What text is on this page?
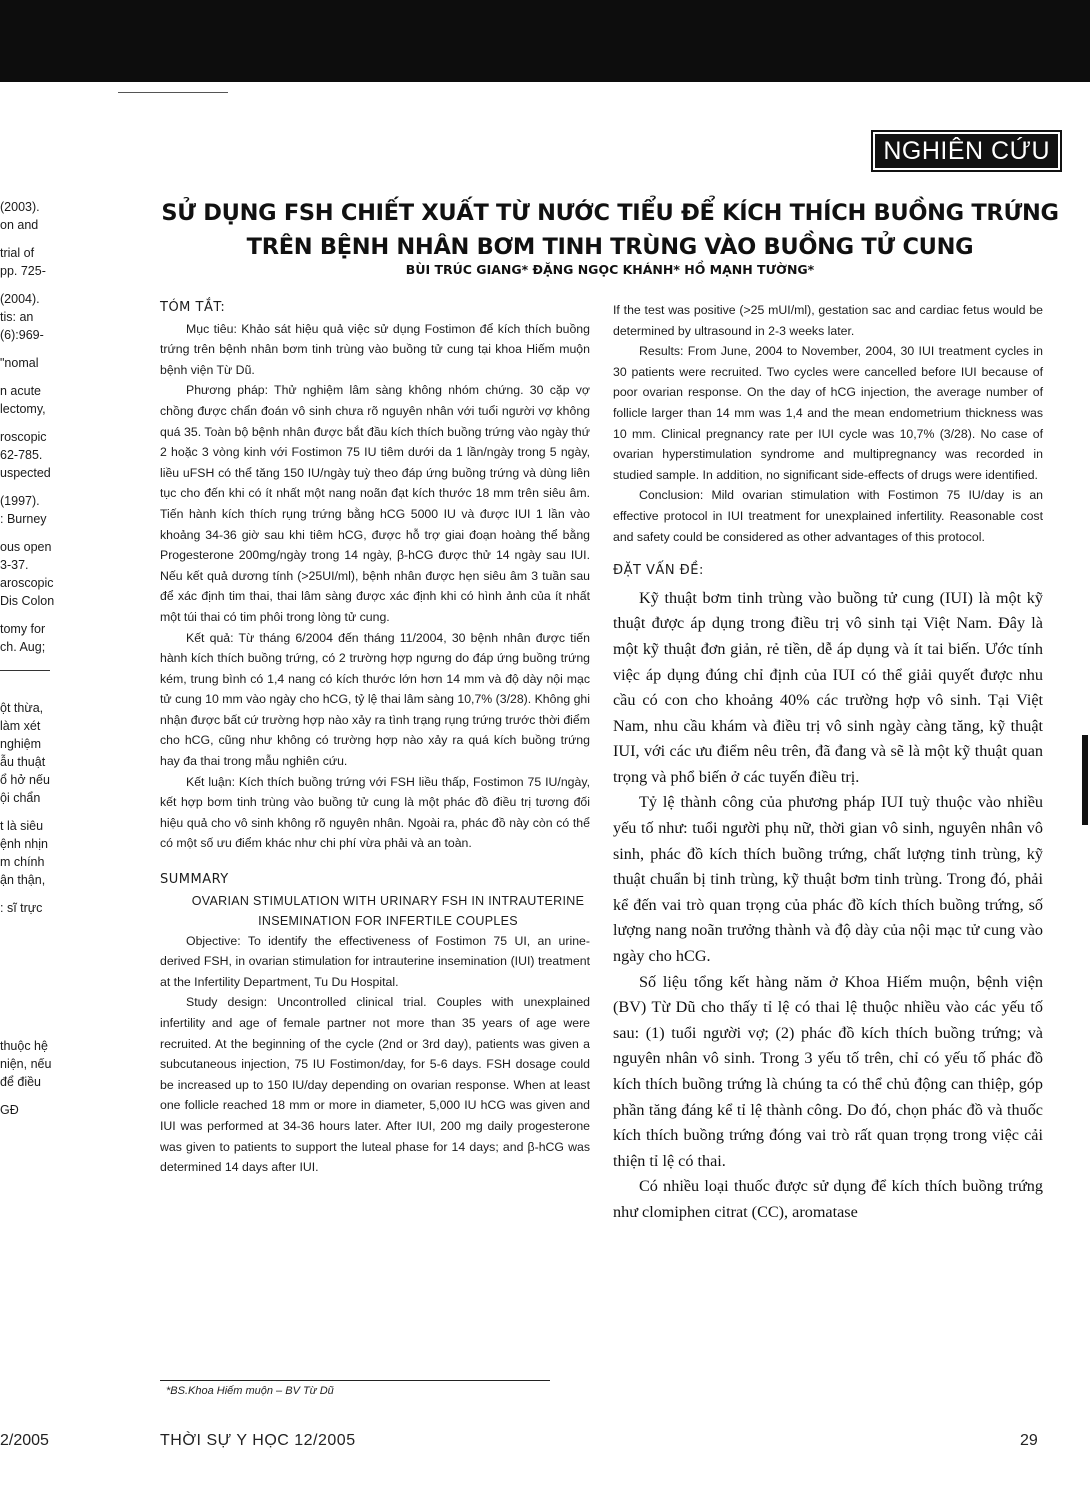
(2003).
on and
trial of
pp. 725-
(2004).
tis: an
(6):969-
"nomal
n acute
lectomy,
roscopic
62-785.
uspected
(1997).
: Burney
ous open
3-37.
aroscopic
Dis Colon
tomy for
ch. Aug;
ột thừa,
làm xét
nghiệm
ẫu thuật
ổ hở nếu
ội chẩn
t là siêu
ệnh nhịn
m chính
ận thận,
: sĩ trực
thuộc hệ
niện, nếu
để điều
GĐ
NGHIÊN CỨU
SỬ DỤNG FSH CHIẾT XUẤT TỪ NƯỚC TIỂU ĐỂ KÍCH THÍCH BUỒNG TRỨNG
TRÊN BỆNH NHÂN BƠM TINH TRÙNG VÀO BUỒNG TỬ CUNG
BÙI TRÚC GIANG* ĐẶNG NGỌC KHÁNH* HỒ MẠNH TƯỜNG*
TÓM TẮT:

Mục tiêu: Khảo sát hiệu quả việc sử dụng Fostimon để kích thích buồng trứng trên bệnh nhân bơm tinh trùng vào buồng tử cung tại khoa Hiếm muộn bệnh viện Từ Dũ.

Phương pháp: Thử nghiệm lâm sàng không nhóm chứng. 30 cặp vợ chồng được chẩn đoán vô sinh chưa rõ nguyên nhân với tuổi người vợ không quá 35. Toàn bộ bệnh nhân được bắt đầu kích thích buồng trứng vào ngày thứ 2 hoặc 3 vòng kinh với Fostimon 75 IU tiêm dưới da 1 lần/ngày trong 5 ngày, liều uFSH có thể tăng 150 IU/ngày tuỳ theo đáp ứng buồng trứng và dùng liên tục cho đến khi có ít nhất một nang noãn đạt kích thước 18 mm trên siêu âm. Tiến hành kích thích rụng trứng bằng hCG 5000 IU và được IUI 1 lần vào khoảng 34-36 giờ sau khi tiêm hCG, được hỗ trợ giai đoạn hoàng thể bằng Progesterone 200mg/ngày trong 14 ngày, β-hCG được thử 14 ngày sau IUI. Nếu kết quả dương tính (>25UI/ml), bệnh nhân được hẹn siêu âm 3 tuần sau để xác định tim thai, thai lâm sàng được xác định khi có hình ảnh của ít nhất một túi thai có tim phôi trong lòng tử cung.

Kết quả: Từ tháng 6/2004 đến tháng 11/2004, 30 bệnh nhân được tiến hành kích thích buồng trứng, có 2 trường hợp ngưng do đáp ứng buồng trứng kém, trung bình có 1,4 nang có kích thước lớn hơn 14 mm và độ dày nội mạc tử cung 10 mm vào ngày cho hCG, tỷ lệ thai lâm sàng 10,7% (3/28). Không ghi nhận được bất cứ trường hợp nào xảy ra tình trạng rụng trứng trước thời điểm cho hCG, cũng như không có trường hợp nào xảy ra quá kích buồng trứng hay đa thai trong mẫu nghiên cứu.

Kết luận: Kích thích buồng trứng với FSH liều thấp, Fostimon 75 IU/ngày, kết hợp bơm tinh trùng vào buồng tử cung là một phác đồ điều trị tương đối hiệu quả cho vô sinh không rõ nguyên nhân. Ngoài ra, phác đồ này còn có thể có một số ưu điểm khác như chi phí vừa phải và an toàn.

SUMMARY

OVARIAN STIMULATION WITH URINARY FSH IN INTRAUTERINE

INSEMINATION FOR INFERTILE COUPLES

Objective: To identify the effectiveness of Fostimon 75 UI, an urine-derived FSH, in ovarian stimulation for intrauterine insemination (IUI) treatment at the Infertility Department, Tu Du Hospital.

Study design: Uncontrolled clinical trial. Couples with unexplained infertility and age of female partner not more than 35 years of age were recruited. At the beginning of the cycle (2nd or 3rd day), patients was given a subcutaneous injection, 75 IU Fostimon/day, for 5-6 days. FSH dosage could be increased up to 150 IU/day depending on ovarian response. When at least one follicle reached 18 mm or more in diameter, 5,000 IU hCG was given and IUI was performed at 34-36 hours later. After IUI, 200 mg daily progesterone was given to patients to support the luteal phase for 14 days; and β-hCG was determined 14 days after IUI.

If the test was positive (>25 mUI/ml), gestation sac and cardiac fetus would be determined by ultrasound in 2-3 weeks later.

Results: From June, 2004 to November, 2004, 30 IUI treatment cycles in 30 patients were recruited. Two cycles were cancelled before IUI because of poor ovarian response. On the day of hCG injection, the average number of follicle larger than 14 mm was 1,4 and the mean endometrium thickness was 10 mm. Clinical pregnancy rate per IUI cycle was 10,7% (3/28). No case of ovarian hyperstimulation syndrome and multipregnancy was recorded in studied sample. In addition, no significant side-effects of drugs were identified.

Conclusion: Mild ovarian stimulation with Fostimon 75 IU/day is an effective protocol in IUI treatment for unexplained infertility. Reasonable cost and safety could be considered as other advantages of this protocol.

ĐẶT VẤN ĐỀ:

Kỹ thuật bơm tinh trùng vào buồng tử cung (IUI) là một kỹ thuật được áp dụng trong điều trị vô sinh tại Việt Nam. Đây là một kỹ thuật đơn giản, rẻ tiền, dễ áp dụng và ít tai biến. Ước tính việc áp dụng đúng chỉ định của IUI có thể giải quyết được nhu cầu có con cho khoảng 40% các trường hợp vô sinh. Tại Việt Nam, nhu cầu khám và điều trị vô sinh ngày càng tăng, kỹ thuật IUI, với các ưu điểm nêu trên, đã đang và sẽ là một kỹ thuật quan trọng và phổ biến ở các tuyến điều trị.

Tỷ lệ thành công của phương pháp IUI tuỳ thuộc vào nhiều yếu tố như: tuổi người phụ nữ, thời gian vô sinh, nguyên nhân vô sinh, phác đồ kích thích buồng trứng, chất lượng tinh trùng, kỹ thuật chuẩn bị tinh trùng, kỹ thuật bơm tinh trùng. Trong đó, phải kể đến vai trò quan trọng của phác đồ kích thích buồng trứng, số lượng nang noãn trưởng thành và độ dày của nội mạc tử cung vào ngày cho hCG.

Số liệu tổng kết hàng năm ở Khoa Hiếm muộn, bệnh viện (BV) Từ Dũ cho thấy tỉ lệ có thai lệ thuộc nhiều vào các yếu tố sau: (1) tuổi người vợ; (2) phác đồ kích thích buồng trứng; và nguyên nhân vô sinh. Trong 3 yếu tố trên, chỉ có yếu tố phác đồ kích thích buồng trứng là chúng ta có thể chủ động can thiệp, góp phần tăng đáng kể tỉ lệ thành công. Do đó, chọn phác đồ và thuốc kích thích buồng trứng đóng vai trò rất quan trọng trong việc cải thiện tỉ lệ có thai.

Có nhiều loại thuốc được sử dụng để kích thích buồng trứng như clomiphen citrat (CC), aromatase

*BS.Khoa Hiếm muộn – BV Từ Dũ
2/2005	THỜI SỰ Y HỌC 12/2005	29
